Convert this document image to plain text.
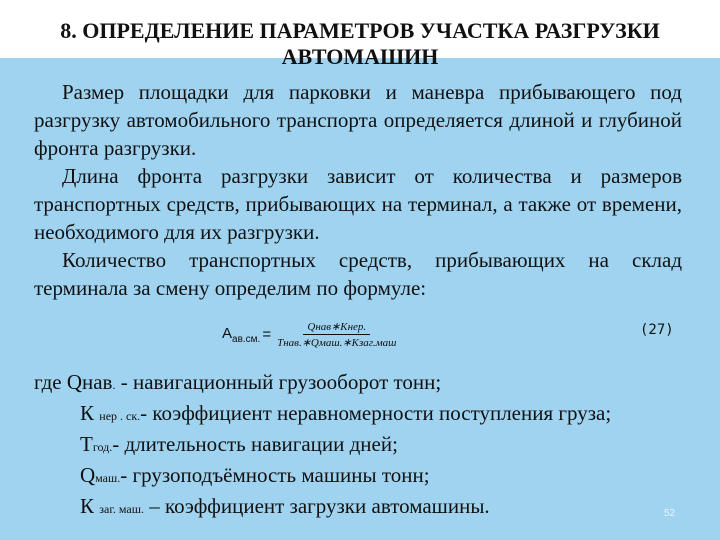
8. ОПРЕДЕЛЕНИЕ ПАРАМЕТРОВ УЧАСТКА РАЗГРУЗКИ
АВТОМАШИН

Размер площадки для парковки и маневра прибывающего под разгрузку автомобильного транспорта определяется длиной и глубиной фронта разгрузки.

Длина фронта разгрузки зависит от количества и размеров транспортных средств, прибывающих на терминал, а также от времени, необходимого для их разгрузки.

Количество транспортных средств, прибывающих на склад терминала за смену определим по формуле:

$A_{ав.см.} = \frac{\text{Qнав∗Кнер.}}{\text{Тнав.∗Qмаш.∗Кзаг.маш}}$	(27)
где Qнав. - навигационный грузооборот тонн;
К нер . ск.- коэффициент неравномерности поступления груза;
Тгод.- длительность навигации дней;
Qмаш.- грузоподъёмность машины тонн;
К заг. маш. – коэффициент загрузки автомашины.	52
